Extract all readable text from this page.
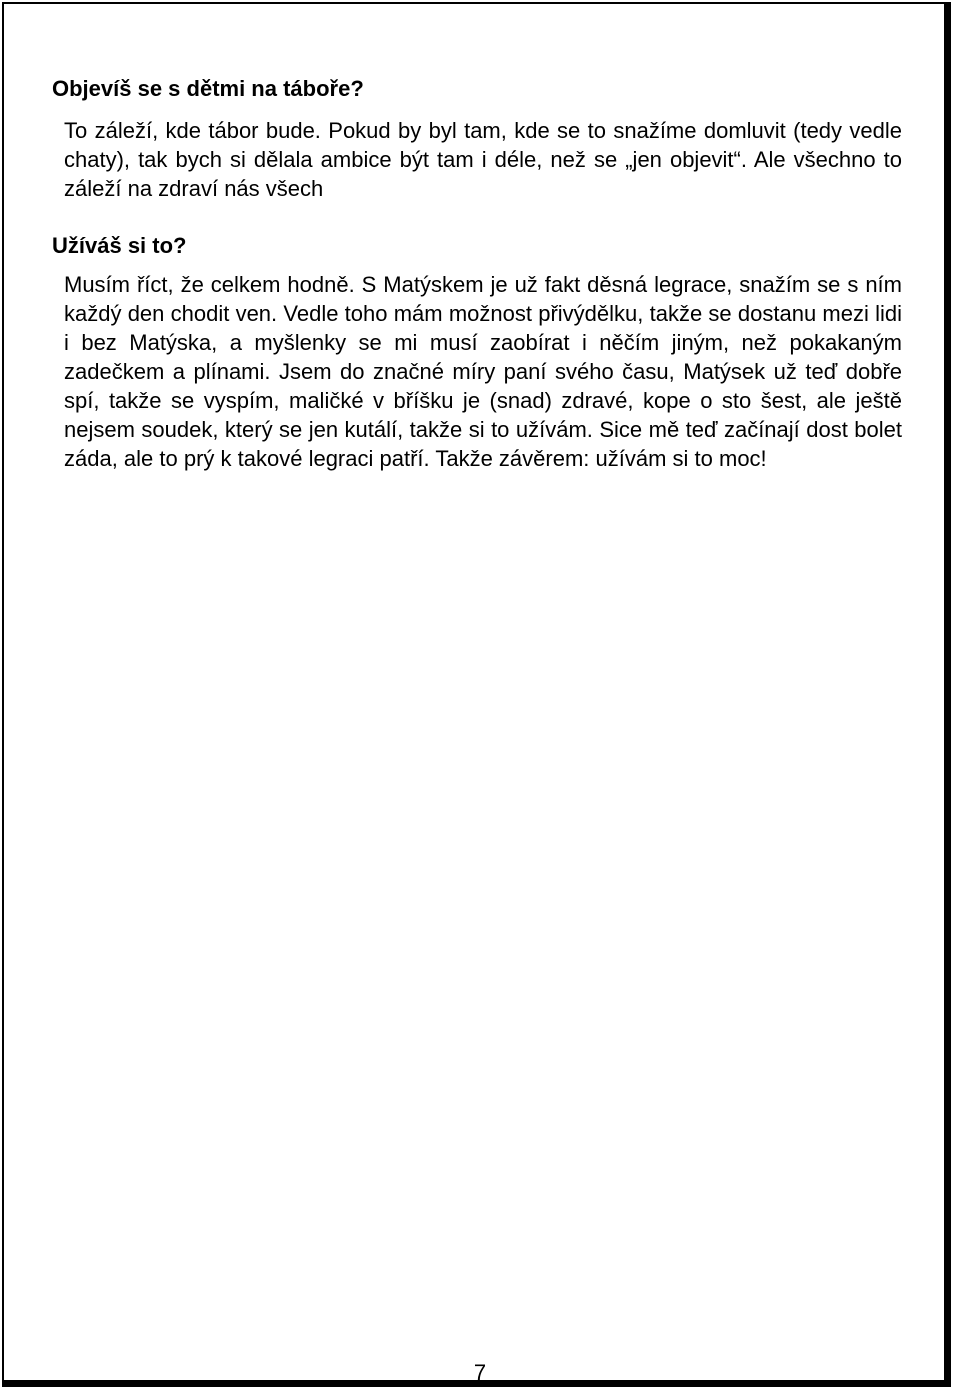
Objevíš se s dětmi na táboře?

To záleží, kde tábor bude. Pokud by byl tam, kde se to snažíme domluvit (tedy vedle chaty), tak bych si dělala ambice být tam i déle, než se „jen objevit“. Ale všechno to záleží na zdraví nás všech

Užíváš si to?

Musím říct, že celkem hodně. S Matýskem je už fakt děsná legrace, snažím se s ním každý den chodit ven. Vedle toho mám možnost přivýdělku, takže se dostanu mezi lidi i bez Matýska, a myšlenky se mi musí zaobírat i něčím jiným, než pokakaným zadečkem a plínami. Jsem do značné míry paní svého času, Matýsek už teď dobře spí, takže se vyspím, maličké v bříšku je (snad) zdravé, kope o sto šest, ale ještě nejsem soudek, který se jen kutálí, takže si to užívám. Sice mě teď začínají dost bolet záda, ale to prý k takové legraci patří. Takže závěrem: užívám si to moc!

7
